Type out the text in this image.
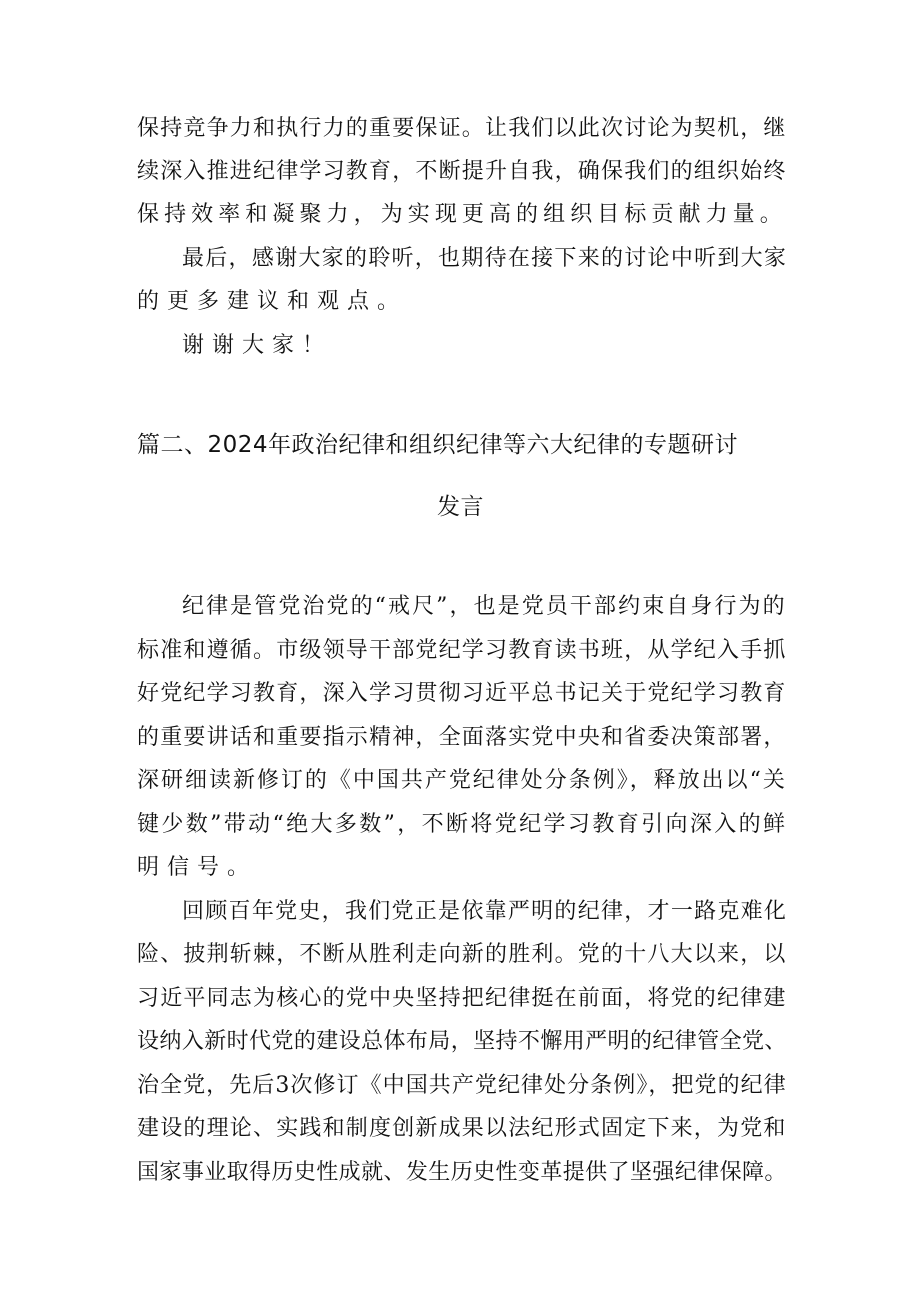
保持竞争力和执行力的重要保证。让我们以此次讨论为契机，继
续深入推进纪律学习教育，不断提升自我，确保我们的组织始终
保持效率和凝聚力，为实现更高的组织目标贡献力量。
最后，感谢大家的聆听，也期待在接下来的讨论中听到大家
的更多建议和观点。
谢谢大家！
篇二、2024年政治纪律和组织纪律等六大纪律的专题研讨
发言
纪律是管党治党的“戒尺”，也是党员干部约束自身行为的
标准和遵循。市级领导干部党纪学习教育读书班，从学纪入手抓
好党纪学习教育，深入学习贯彻习近平总书记关于党纪学习教育
的重要讲话和重要指示精神，全面落实党中央和省委决策部署，
深研细读新修订的《中国共产党纪律处分条例》，释放出以“关
键少数”带动“绝大多数”，不断将党纪学习教育引向深入的鲜
明信号。
回顾百年党史，我们党正是依靠严明的纪律，才一路克难化
险、披荆斩棘，不断从胜利走向新的胜利。党的十八大以来，以
习近平同志为核心的党中央坚持把纪律挺在前面，将党的纪律建
设纳入新时代党的建设总体布局，坚持不懈用严明的纪律管全党、
治全党，先后3次修订《中国共产党纪律处分条例》，把党的纪律
建设的理论、实践和制度创新成果以法纪形式固定下来，为党和
国家事业取得历史性成就、发生历史性变革提供了坚强纪律保障。
